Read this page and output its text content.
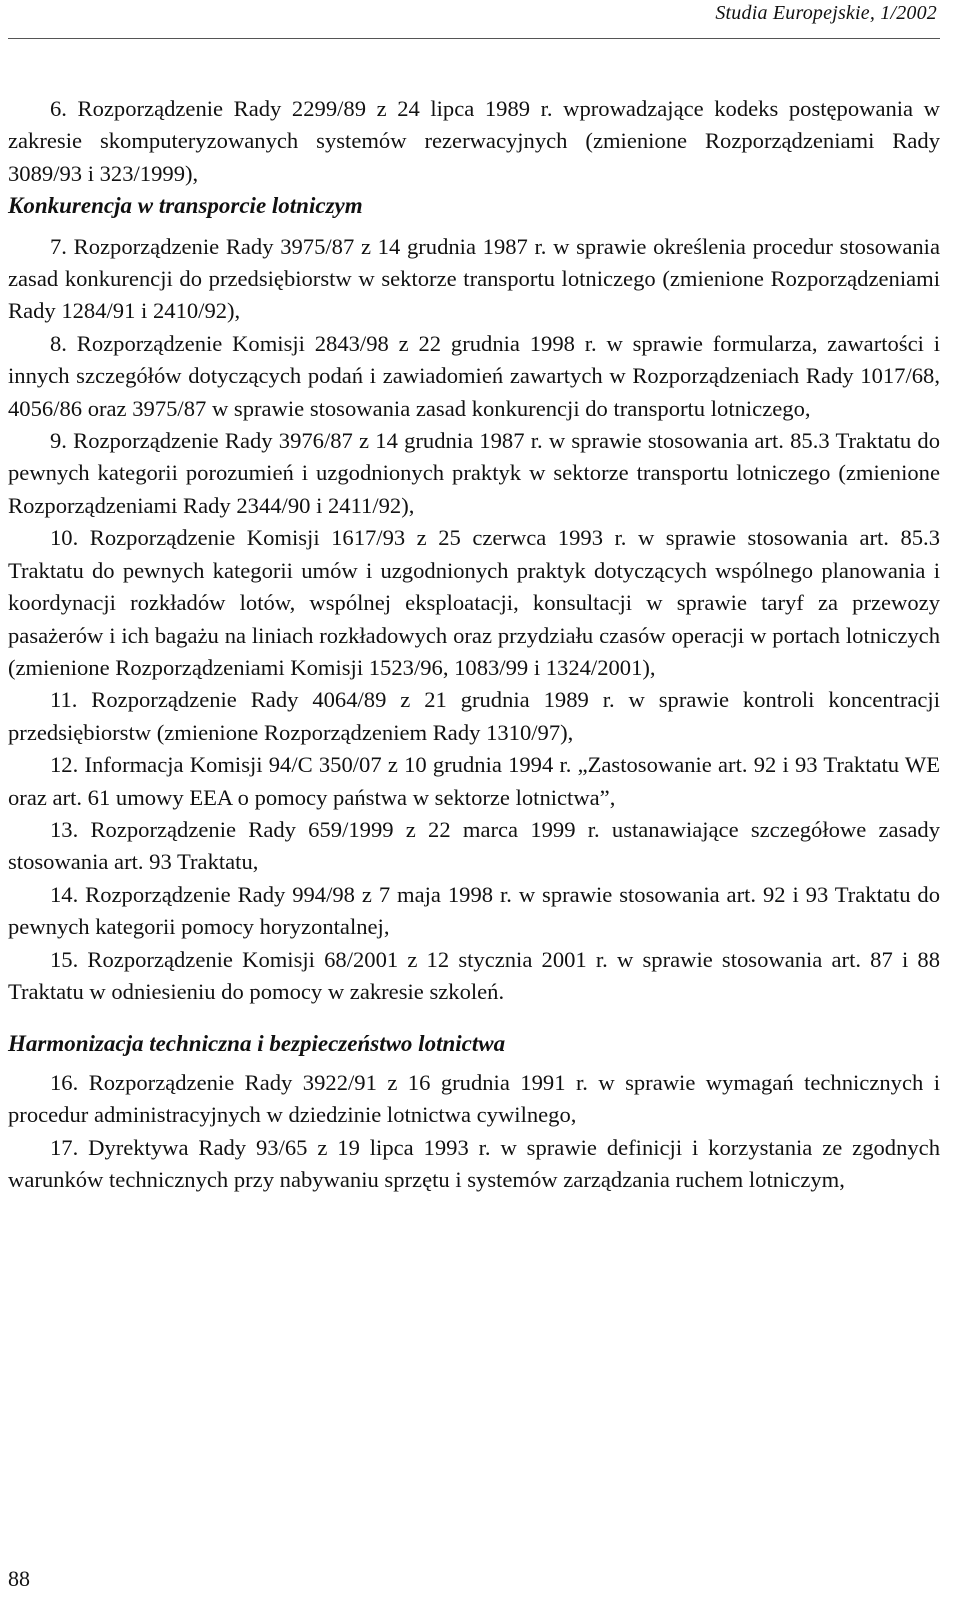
Studia Europejskie, 1/2002

6. Rozporządzenie Rady 2299/89 z 24 lipca 1989 r. wprowadzające kodeks postępowania w zakresie skomputeryzowanych systemów rezerwacyjnych (zmienione Rozporządzeniami Rady 3089/93 i 323/1999),

Konkurencja w transporcie lotniczym

7. Rozporządzenie Rady 3975/87 z 14 grudnia 1987 r. w sprawie określenia procedur stosowania zasad konkurencji do przedsiębiorstw w sektorze transportu lotniczego (zmienione Rozporządzeniami Rady 1284/91 i 2410/92),

8. Rozporządzenie Komisji 2843/98 z 22 grudnia 1998 r. w sprawie formularza, zawartości i innych szczegółów dotyczących podań i zawiadomień zawartych w Rozporządzeniach Rady 1017/68, 4056/86 oraz 3975/87 w sprawie stosowania zasad konkurencji do transportu lotniczego,

9. Rozporządzenie Rady 3976/87 z 14 grudnia 1987 r. w sprawie stosowania art. 85.3 Traktatu do pewnych kategorii porozumień i uzgodnionych praktyk w sektorze transportu lotniczego (zmienione Rozporządzeniami Rady 2344/90 i 2411/92),

10. Rozporządzenie Komisji 1617/93 z 25 czerwca 1993 r. w sprawie stosowania art. 85.3 Traktatu do pewnych kategorii umów i uzgodnionych praktyk dotyczących wspólnego planowania i koordynacji rozkładów lotów, wspólnej eksploatacji, konsultacji w sprawie taryf za przewozy pasażerów i ich bagażu na liniach rozkładowych oraz przydziału czasów operacji w portach lotniczych (zmienione Rozporządzeniami Komisji 1523/96, 1083/99 i 1324/2001),

11. Rozporządzenie Rady 4064/89 z 21 grudnia 1989 r. w sprawie kontroli koncentracji przedsiębiorstw (zmienione Rozporządzeniem Rady 1310/97),

12. Informacja Komisji 94/C 350/07 z 10 grudnia 1994 r. „Zastosowanie art. 92 i 93 Traktatu WE oraz art. 61 umowy EEA o pomocy państwa w sektorze lotnictwa”,

13. Rozporządzenie Rady 659/1999 z 22 marca 1999 r. ustanawiające szczegółowe zasady stosowania art. 93 Traktatu,

14. Rozporządzenie Rady 994/98 z 7 maja 1998 r. w sprawie stosowania art. 92 i 93 Traktatu do pewnych kategorii pomocy horyzontalnej,

15. Rozporządzenie Komisji 68/2001 z 12 stycznia 2001 r. w sprawie stosowania art. 87 i 88 Traktatu w odniesieniu do pomocy w zakresie szkoleń.

Harmonizacja techniczna i bezpieczeństwo lotnictwa

16. Rozporządzenie Rady 3922/91 z 16 grudnia 1991 r. w sprawie wymagań technicznych i procedur administracyjnych w dziedzinie lotnictwa cywilnego,

17. Dyrektywa Rady 93/65 z 19 lipca 1993 r. w sprawie definicji i korzystania ze zgodnych warunków technicznych przy nabywaniu sprzętu i systemów zarządzania ruchem lotniczym,

88
